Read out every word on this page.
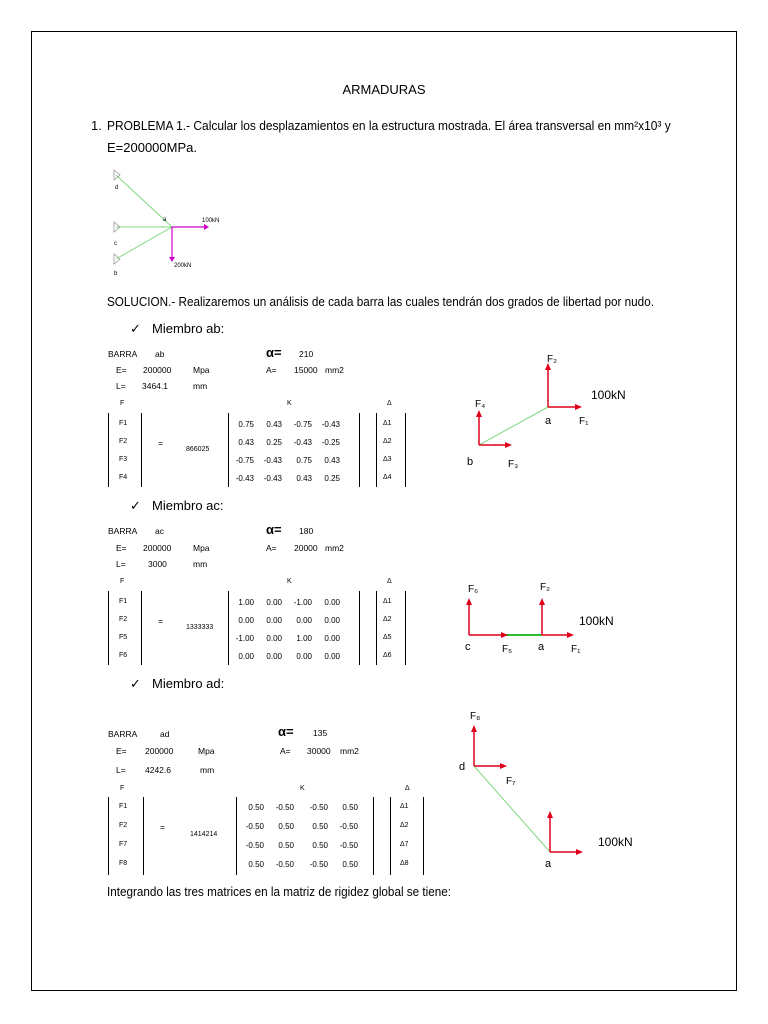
ARMADURAS
1. PROBLEMA 1.- Calcular los desplazamientos en la estructura mostrada. El área transversal en mm²x10³ y
E=200000MPa.
d
a
c
b
100kN
200kN
SOLUCION.- Realizaremos un análisis de cada barra las cuales tendrán dos grados de libertad por nudo.
✓ Miembro ab:
BARRA ab	α= 210
E= 200000	Mpa	A= 15000 mm2
L= 3464.1	mm
F	K	Δ
F1
F2
F3
F4
=
866025
0.75 0.43 -0.75 -0.43
0.43 0.25 -0.43 -0.25
-0.75 -0.43 0.75 0.43
-0.43 -0.43 0.43 0.25
Δ1
Δ2
Δ3
Δ4
F₂
F₄
100kN
a	F₁
b	F₃
✓ Miembro ac:
BARRA ac	α= 180
E= 200000	Mpa	A= 20000 mm2
L=	3000	mm
F	K	Δ
F1
F2
F5
F6
=
1333333
1.00 0.00 -1.00 0.00
0.00 0.00 0.00 0.00
-1.00 0.00 1.00 0.00
0.00 0.00 0.00 0.00
Δ1
Δ2
Δ5
Δ6
F₆	F₂
100kN
c	F₅ a	F₁
✓ Miembro ad:
BARRA	ad	α= 135
E= 200000	Mpa	A= 30000 mm2
L= 4242.6	mm
F	K	Δ
F1
F2
F7
F8
=
1414214
0.50 -0.50 -0.50 0.50
-0.50 0.50 0.50 -0.50
-0.50 0.50 0.50 -0.50
0.50 -0.50 -0.50 0.50
Δ1
Δ2
Δ7
Δ8
F₈
d
F₇
100kN
a
Integrando las tres matrices en la matriz de rigidez global se tiene:
